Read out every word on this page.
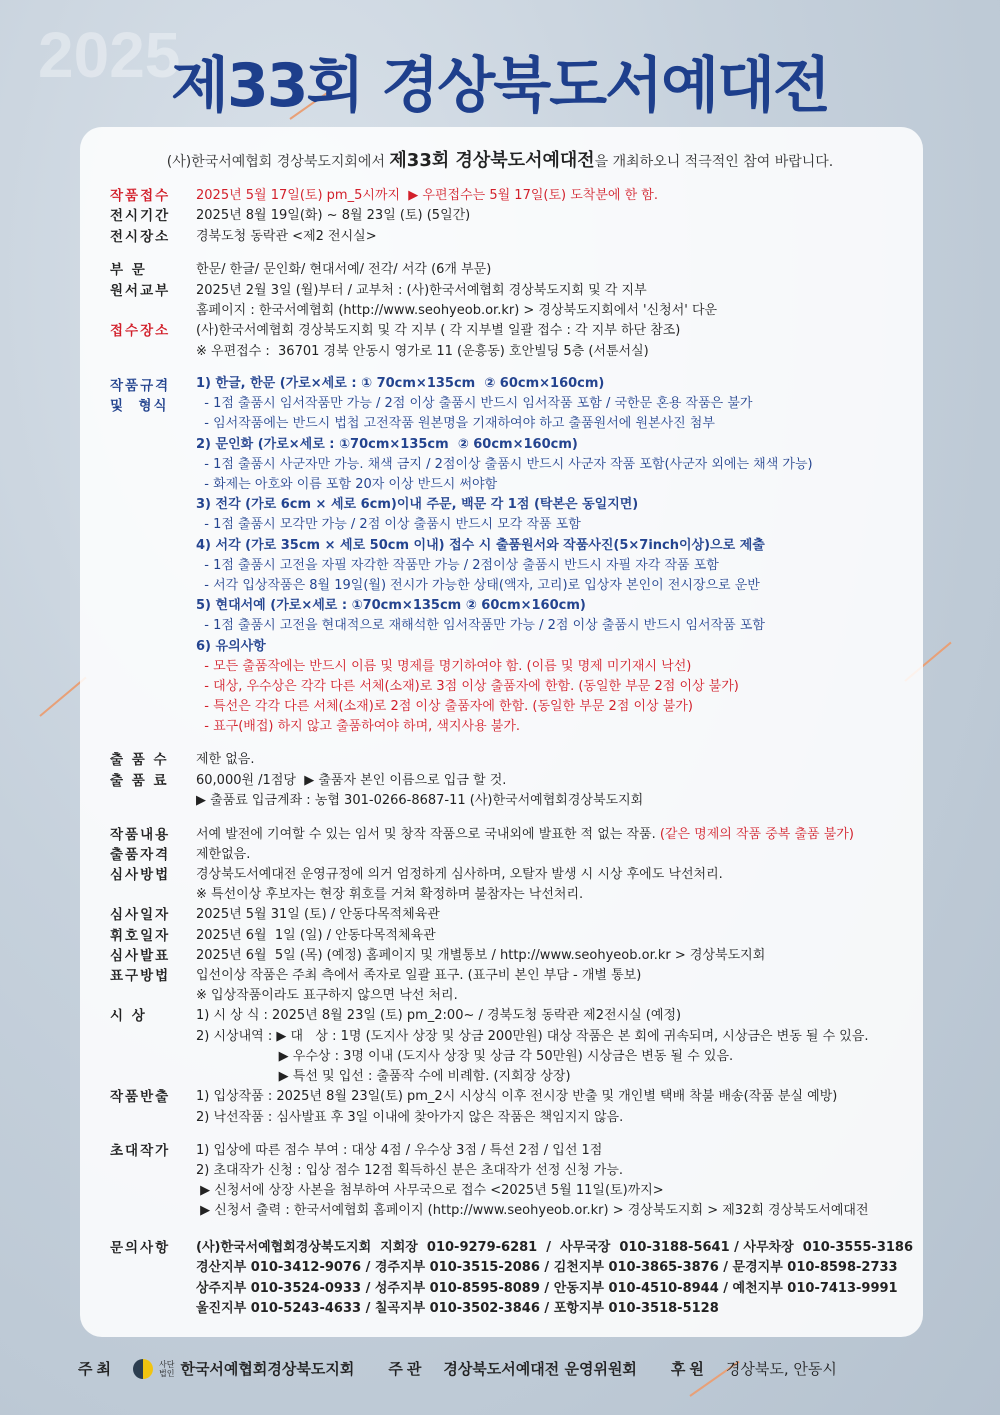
2025
제33회 경상북도서예대전
(사)한국서예협회 경상북도지회에서 제33회 경상북도서예대전을 개최하오니 적극적인 참여 바랍니다.
작품접수	2025년 5월 17일(토) pm_5시까지  ▶ 우편접수는 5월 17일(토) 도착분에 한 함.
전시기간	2025년 8월 19일(화) ~ 8월 23일 (토) (5일간)
전시장소	경북도청 동락관 <제2 전시실>
부 문	한문/ 한글/ 문인화/ 현대서예/ 전각/ 서각 (6개 부문)
원서교부	2025년 2월 3일 (월)부터 / 교부처 : (사)한국서예협회 경상북도지회 및 각 지부
홈페이지 : 한국서예협회 (http://www.seohyeob.or.kr) > 경상북도지회에서 '신청서' 다운
접수장소	(사)한국서예협회 경상북도지회 및 각 지부 ( 각 지부별 일괄 접수 : 각 지부 하단 참조)
※ 우편접수 :  36701 경북 안동시 영가로 11 (운흥동) 호안빌딩 5층 (서툰서실)
작품규격
및  형식
1) 한글, 한문 (가로×세로 : ① 70cm×135cm  ② 60cm×160cm)
- 1점 출품시 임서작품만 가능 / 2점 이상 출품시 반드시 임서작품 포함 / 국한문 혼용 작품은 불가
- 임서작품에는 반드시 법첩 고전작품 원본명을 기재하여야 하고 출품원서에 원본사진 첨부
2) 문인화 (가로×세로 : ①70cm×135cm  ② 60cm×160cm)
- 1점 출품시 사군자만 가능. 채색 금지 / 2점이상 출품시 반드시 사군자 작품 포함(사군자 외에는 채색 가능)
- 화제는 아호와 이름 포함 20자 이상 반드시 써야함
3) 전각 (가로 6cm × 세로 6cm)이내 주문, 백문 각 1점 (탁본은 동일지면)
- 1점 출품시 모각만 가능 / 2점 이상 출품시 반드시 모각 작품 포함
4) 서각 (가로 35cm × 세로 50cm 이내) 접수 시 출품원서와 작품사진(5×7inch이상)으로 제출
- 1점 출품시 고전을 자필 자각한 작품만 가능 / 2점이상 출품시 반드시 자필 자각 작품 포함
- 서각 입상작품은 8월 19일(월) 전시가 가능한 상태(액자, 고리)로 입상자 본인이 전시장으로 운반
5) 현대서예 (가로×세로 : ①70cm×135cm ② 60cm×160cm)
- 1점 출품시 고전을 현대적으로 재해석한 임서작품만 가능 / 2점 이상 출품시 반드시 임서작품 포함
6) 유의사항
- 모든 출품작에는 반드시 이름 및 명제를 명기하여야 함. (이름 및 명제 미기재시 낙선)
- 대상, 우수상은 각각 다른 서체(소재)로 3점 이상 출품자에 한함. (동일한 부문 2점 이상 불가)
- 특선은 각각 다른 서체(소재)로 2점 이상 출품자에 한함. (동일한 부문 2점 이상 불가)
- 표구(배접) 하지 않고 출품하여야 하며, 색지사용 불가.
출 품 수	제한 없음.
출 품 료	60,000원 /1점당  ▶ 출품자 본인 이름으로 입금 할 것.
▶ 출품료 입금계좌 : 농협 301-0266-8687-11 (사)한국서예협회경상북도지회
작품내용	서예 발전에 기여할 수 있는 임서 및 창작 작품으로 국내외에 발표한 적 없는 작품. (같은 명제의 작품 중복 출품 불가)
출품자격	제한없음.
심사방법	경상북도서예대전 운영규정에 의거 엄정하게 심사하며, 오탈자 발생 시 시상 후에도 낙선처리.
※ 특선이상 후보자는 현장 휘호를 거쳐 확정하며 불참자는 낙선처리.
심사일자	2025년 5월 31일 (토) / 안동다목적체육관
휘호일자	2025년 6월  1일 (일) / 안동다목적체육관
심사발표	2025년 6월  5일 (목) (예정) 홈페이지 및 개별통보 / http://www.seohyeob.or.kr > 경상북도지회
표구방법	입선이상 작품은 주최 측에서 족자로 일괄 표구. (표구비 본인 부담 - 개별 통보)
※ 입상작품이라도 표구하지 않으면 낙선 처리.
시 상	1) 시 상 식 : 2025년 8월 23일 (토) pm_2:00~ / 경북도청 동락관 제2전시실 (예정)
2) 시상내역 : ▶ 대   상 : 1명 (도지사 상장 및 상금 200만원) 대상 작품은 본 회에 귀속되며, 시상금은 변동 될 수 있음.
▶ 우수상 : 3명 이내 (도지사 상장 및 상금 각 50만원) 시상금은 변동 될 수 있음.
▶ 특선 및 입선 : 출품작 수에 비례함. (지회장 상장)
작품반출	1) 입상작품 : 2025년 8월 23일(토) pm_2시 시상식 이후 전시장 반출 및 개인별 택배 착불 배송(작품 분실 예방)
2) 낙선작품 : 심사발표 후 3일 이내에 찾아가지 않은 작품은 책임지지 않음.
초대작가	1) 입상에 따른 점수 부여 : 대상 4점 / 우수상 3점 / 특선 2점 / 입선 1점
2) 초대작가 신청 : 입상 점수 12점 획득하신 분은 초대작가 선정 신청 가능.
▶ 신청서에 상장 사본을 첨부하여 사무국으로 접수 <2025년 5월 11일(토)까지>
▶ 신청서 출력 : 한국서예협회 홈페이지 (http://www.seohyeob.or.kr) > 경상북도지회 > 제32회 경상북도서예대전
문의사항	(사)한국서예협회경상북도지회  지회장  010-9279-6281  /  사무국장  010-3188-5641 / 사무차장  010-3555-3186
경산지부 010-3412-9076 / 경주지부 010-3515-2086 / 김천지부 010-3865-3876 / 문경지부 010-8598-2733
상주지부 010-3524-0933 / 성주지부 010-8595-8089 / 안동지부 010-4510-8944 / 예천지부 010-7413-9991
울진지부 010-5243-4633 / 칠곡지부 010-3502-3846 / 포항지부 010-3518-5128
주최	사단
법인 한국서예협회경상북도지회 주관 경상북도서예대전 운영위원회 후원 경상북도, 안동시
